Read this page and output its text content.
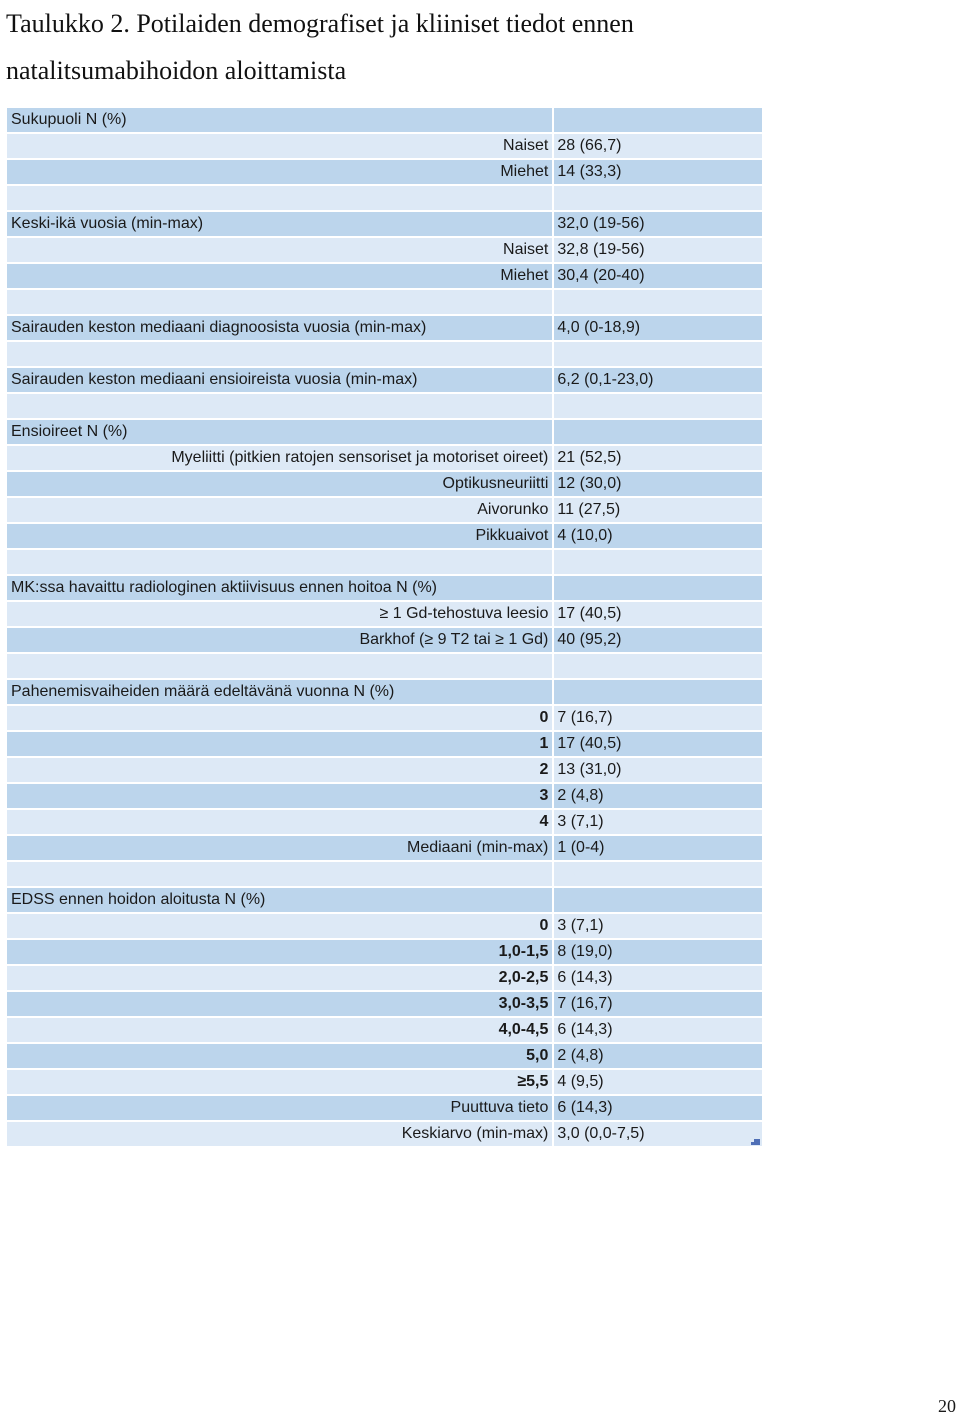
Taulukko 2. Potilaiden demografiset ja kliiniset tiedot ennen
natalitsumabihoidon aloittamista
Sukupuoli N (%)
Naiset 28 (66,7)
Miehet 14 (33,3)
Keski-ikä vuosia (min-max)	32,0 (19-56)
Naiset 32,8 (19-56)
Miehet 30,4 (20-40)
Sairauden keston mediaani diagnoosista vuosia (min-max)	4,0 (0-18,9)
Sairauden keston mediaani ensioireista vuosia (min-max)	6,2 (0,1-23,0)
Ensioireet N (%)
Myeliitti (pitkien ratojen sensoriset ja motoriset oireet) 21 (52,5)
Optikusneuriitti 12 (30,0)
Aivorunko 11 (27,5)
Pikkuaivot 4 (10,0)
MK:ssa havaittu radiologinen aktiivisuus ennen hoitoa N (%)
≥ 1 Gd-tehostuva leesio 17 (40,5)
Barkhof (≥ 9 T2 tai ≥ 1 Gd) 40 (95,2)
Pahenemisvaiheiden määrä edeltävänä vuonna N (%)
0 7 (16,7)
1 17 (40,5)
2 13 (31,0)
3 2 (4,8)
4 3 (7,1)
Mediaani (min-max) 1 (0-4)
EDSS ennen hoidon aloitusta N (%)
0 3 (7,1)
1,0-1,5 8 (19,0)
2,0-2,5 6 (14,3)
3,0-3,5 7 (16,7)
4,0-4,5 6 (14,3)
5,0 2 (4,8)
≥5,5 4 (9,5)
Puuttuva tieto 6 (14,3)
Keskiarvo (min-max) 3,0 (0,0-7,5)
20
